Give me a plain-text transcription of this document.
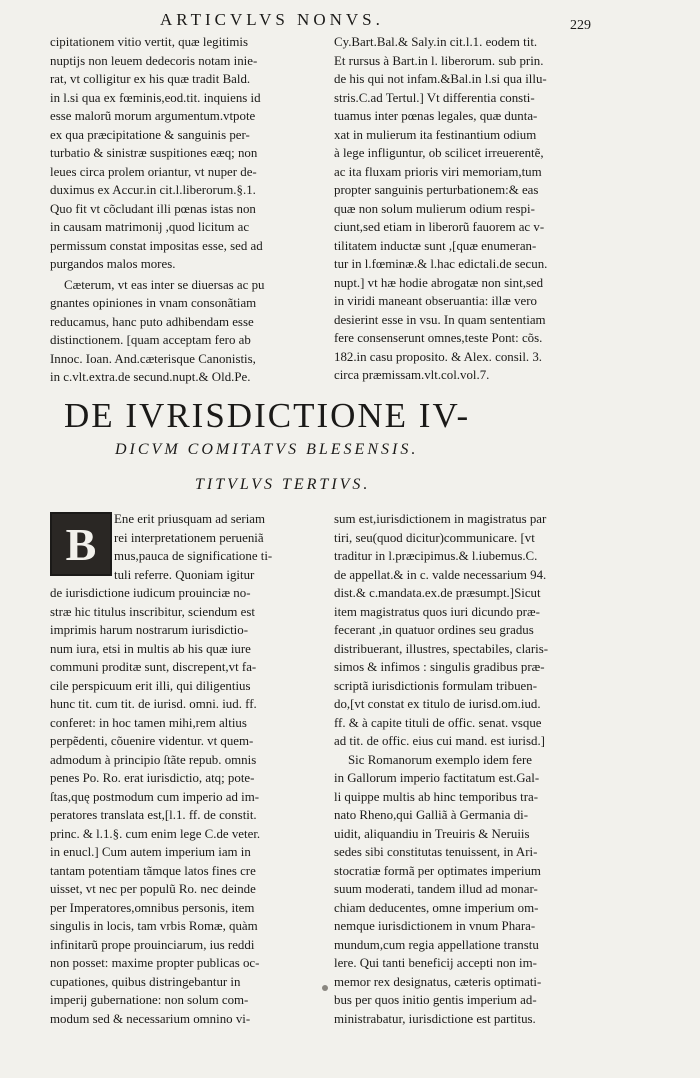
ARTICVLVS NONVS.	229
cipitationem vitio vertit, quæ legitimis
nuptijs non leuem dedecoris notam inie-
rat, vt colligitur ex his quæ tradit Bald.
in l.si qua ex fœminis,eod.tit. inquiens id
esse malorũ morum argumentum.vtpote
ex qua præcipitatione & sanguinis per-
turbatio & sinistræ suspitiones eæq; non
leues circa prolem oriantur, vt nuper de-
duximus ex Accur.in cit.l.liberorum.§.1.
Quo fit vt cõcludant illi pœnas istas non
in causam matrimonij ,quod licitum ac
permissum constat impositas esse, sed ad
purgandos malos mores.
Cæterum, vt eas inter se diuersas ac pu
gnantes opiniones in vnam consonãtiam
reducamus, hanc puto adhibendam esse
distinctionem. [quam acceptam fero ab
Innoc. Ioan. And.cæterisque Canonistis,
in c.vlt.extra.de secund.nupt.& Old.Pe.
Cy.Bart.Bal.& Saly.in cit.l.1. eodem tit.
Et rursus à Bart.in l. liberorum. sub prin.
de his qui not infam.&Bal.in l.si qua illu-
stris.C.ad Tertul.] Vt differentia consti-
tuamus inter pœnas legales, quæ dunta-
xat in mulierum ita festinantium odium
à lege infliguntur, ob scilicet irreuerentẽ,
ac ita fluxam prioris viri memoriam,tum
propter sanguinis perturbationem:& eas
quæ non solum mulierum odium respi-
ciunt,sed etiam in liberorũ fauorem ac v-
tilitatem inductæ sunt ,[quæ enumeran-
tur in l.fœminæ.& l.hac edictali.de secun.
nupt.] vt hæ hodie abrogatæ non sint,sed
in viridi maneant obseruantia: illæ vero
desierint esse in vsu. In quam sententiam
fere consenserunt omnes,teste Pont: cõs.
182.in casu proposito. & Alex. consil. 3.
circa præmissam.vlt.col.vol.7.
DE IVRISDICTIONE IV-
DICVM COMITATVS BLESENSIS.
TITVLVS TERTIVS.
B	Ene erit priusquam ad seriam
rei interpretationem perueniã
mus,pauca de significatione ti-
tuli referre. Quoniam igitur
de iurisdictione iudicum prouinciæ no-
stræ hic titulus inscribitur, sciendum est
imprimis harum nostrarum iurisdictio-
num iura, etsi in multis ab his quæ iure
communi proditæ sunt, discrepent,vt fa-
cile perspicuum erit illi, qui diligentius
hunc tit. cum tit. de iurisd. omni. iud. ff.
conferet: in hoc tamen mihi,rem altius
perpẽdenti, cõuenire videntur. vt quem-
admodum à principio ſtãte repub. omnis
penes Po. Ro. erat iurisdictio, atq; pote-
ſtas,quę postmodum cum imperio ad im-
peratores translata est,[l.1. ff. de constit.
princ. & l.1.§. cum enim lege C.de veter.
in enucl.] Cum autem imperium iam in
tantam potentiam tãmque latos fines cre
uisset, vt nec per populũ Ro. nec deinde
per Imperatores,omnibus personis, item
singulis in locis, tam vrbis Romæ, quàm
infinitarũ prope prouinciarum, ius reddi
non posset: maxime propter publicas oc-
cupationes, quibus distringebantur in
imperij gubernatione: non solum com-
modum sed & necessarium omnino vi-
sum est,iurisdictionem in magistratus par
tiri, seu(quod dicitur)communicare. [vt
traditur in l.præcipimus.& l.iubemus.C.
de appellat.& in c. valde necessarium 94.
dist.& c.mandata.ex.de præsumpt.]Sicut
item magistratus quos iuri dicundo præ-
fecerant ,in quatuor ordines seu gradus
distribuerant, illustres, spectabiles, claris-
simos & infimos : singulis gradibus præ-
scriptã iurisdictionis formulam tribuen-
do,[vt constat ex titulo de iurisd.om.iud.
ff. & à capite tituli de offic. senat. vsque
ad tit. de offic. eius cui mand. est iurisd.]
Sic Romanorum exemplo idem fere
in Gallorum imperio factitatum est.Gal-
li quippe multis ab hinc temporibus tra-
nato Rheno,qui Galliã à Germania di-
uidit, aliquandiu in Treuiris & Neruiis
sedes sibi constitutas tenuissent, in Ari-
stocratiæ formã per optimates imperium
suum moderati, tandem illud ad monar-
chiam deducentes, omne imperium om-
nemque iurisdictionem in vnum Phara-
mundum,cum regia appellatione transtu
lere. Qui tanti beneficij accepti non im-
memor rex designatus, cæteris optimati-
bus per quos initio gentis imperium ad-
ministrabatur, iurisdictione est partitus.
